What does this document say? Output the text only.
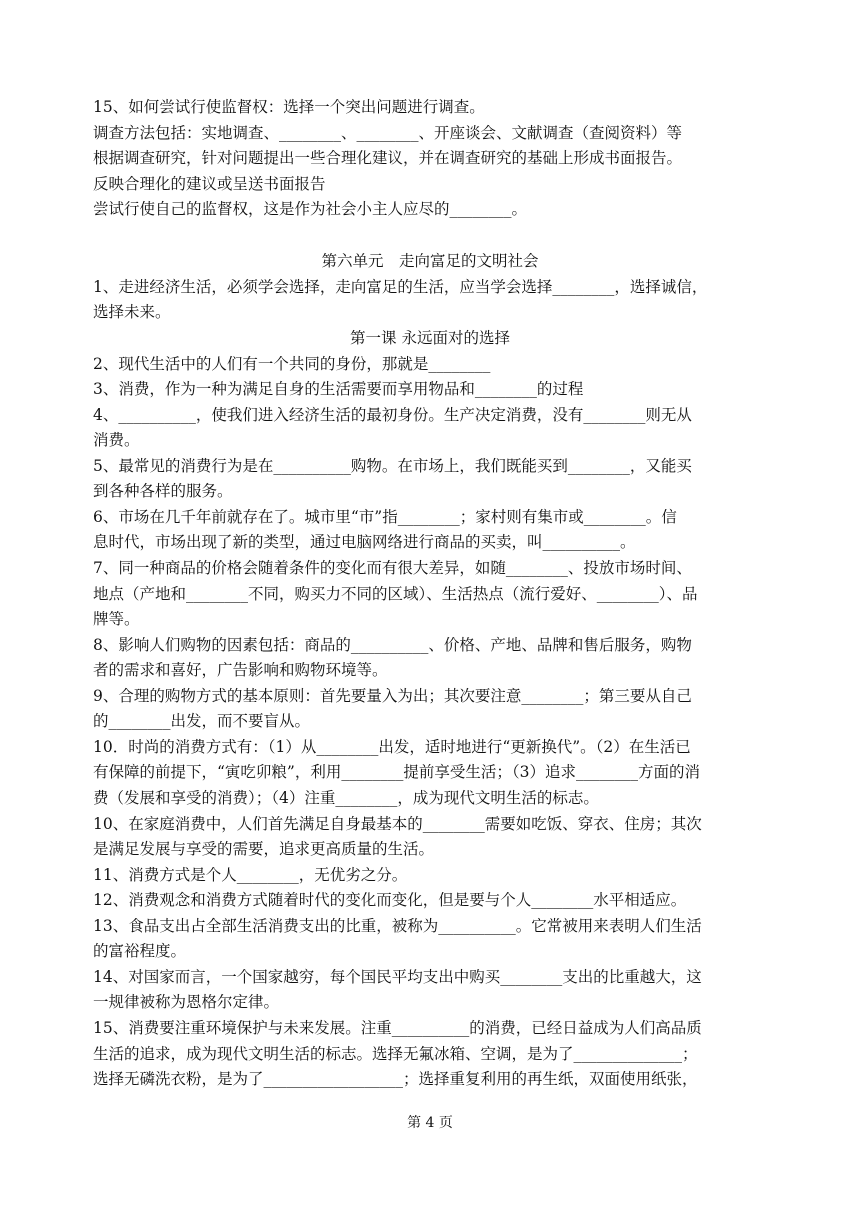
15、如何尝试行使监督权：选择一个突出问题进行调查。
调查方法包括：实地调查、________、________、开座谈会、文献调查（查阅资料）等
根据调查研究，针对问题提出一些合理化建议，并在调查研究的基础上形成书面报告。
反映合理化的建议或呈送书面报告
尝试行使自己的监督权，这是作为社会小主人应尽的________。
第六单元　走向富足的文明社会
1、走进经济生活，必须学会选择，走向富足的生活，应当学会选择________，选择诚信，
选择未来。
第一课 永远面对的选择
2、现代生活中的人们有一个共同的身份，那就是________
3、消费，作为一种为满足自身的生活需要而享用物品和________的过程
4、__________，使我们进入经济生活的最初身份。生产决定消费，没有________则无从
消费。
5、最常见的消费行为是在__________购物。在市场上，我们既能买到________，又能买
到各种各样的服务。
6、市场在几千年前就存在了。城市里“市”指________；家村则有集市或________。信
息时代，市场出现了新的类型，通过电脑网络进行商品的买卖，叫__________。
7、同一种商品的价格会随着条件的变化而有很大差异，如随________、投放市场时间、
地点（产地和________不同，购买力不同的区域）、生活热点（流行爱好、________）、品
牌等。
8、影响人们购物的因素包括：商品的__________、价格、产地、品牌和售后服务，购物
者的需求和喜好，广告影响和购物环境等。
9、合理的购物方式的基本原则：首先要量入为出；其次要注意________；第三要从自己
的________出发，而不要盲从。
10．时尚的消费方式有：（1）从________出发，适时地进行“更新换代”。（2）在生活已
有保障的前提下，“寅吃卯粮”，利用________提前享受生活；（3）追求________方面的消
费（发展和享受的消费）；（4）注重________，成为现代文明生活的标志。
10、在家庭消费中，人们首先满足自身最基本的________需要如吃饭、穿衣、住房；其次
是满足发展与享受的需要，追求更高质量的生活。
11、消费方式是个人________，无优劣之分。
12、消费观念和消费方式随着时代的变化而变化，但是要与个人________水平相适应。
13、食品支出占全部生活消费支出的比重，被称为__________。它常被用来表明人们生活
的富裕程度。
14、对国家而言，一个国家越穷，每个国民平均支出中购买________支出的比重越大，这
一规律被称为恩格尔定律。
15、消费要注重环境保护与未来发展。注重__________的消费，已经日益成为人们高品质
生活的追求，成为现代文明生活的标志。选择无氟冰箱、空调，是为了______________；
选择无磷洗衣粉，是为了__________________；选择重复利用的再生纸，双面使用纸张，
第 4 页
